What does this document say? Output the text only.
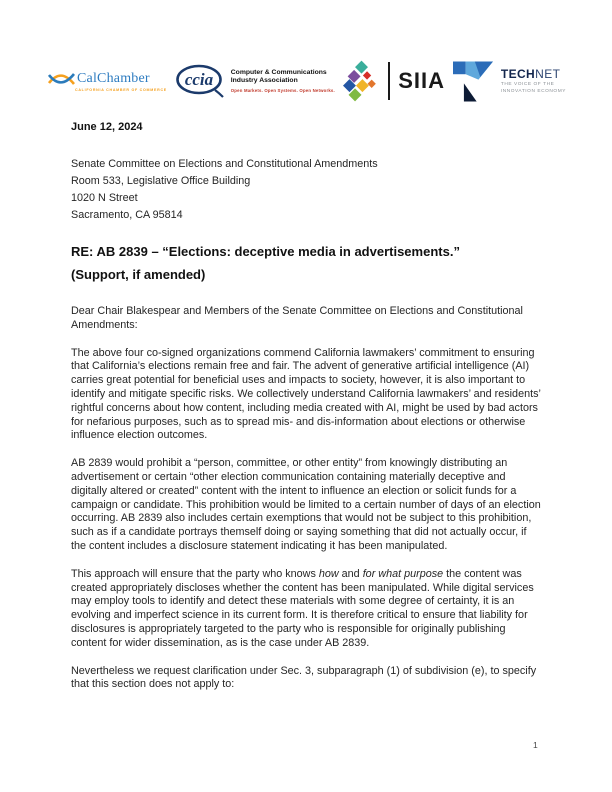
CalChamber
CALIFORNIA CHAMBER OF COMMERCE
ccia	Computer & Communications
Industry Association
Open Markets. Open Systems. Open Networks.	SIIA	TECHNET
THE VOICE OF THE
INNOVATION ECONOMY
June 12, 2024
Senate Committee on Elections and Constitutional Amendments
Room 533, Legislative Office Building
1020 N Street
Sacramento, CA 95814
RE: AB 2839 – “Elections: deceptive media in advertisements.”
(Support, if amended)
Dear Chair Blakespear and Members of the Senate Committee on Elections and Constitutional Amendments:

The above four co-signed organizations commend California lawmakers’ commitment to ensuring that California’s elections remain free and fair. The advent of generative artificial intelligence (AI) carries great potential for beneficial uses and impacts to society, however, it is also important to identify and mitigate specific risks. We collectively understand California lawmakers’ and residents’ rightful concerns about how content, including media created with AI, might be used by bad actors for nefarious purposes, such as to spread mis- and dis-information about elections or otherwise influence election outcomes.

AB 2839 would prohibit a “person, committee, or other entity” from knowingly distributing an advertisement or certain “other election communication containing materially deceptive and digitally altered or created” content with the intent to influence an election or solicit funds for a campaign or candidate. This prohibition would be limited to a certain number of days of an election occurring. AB 2839 also includes certain exemptions that would not be subject to this prohibition, such as if a candidate portrays themself doing or saying something that did not actually occur, if the content includes a disclosure statement indicating it has been manipulated.

This approach will ensure that the party who knows how and for what purpose the content was created appropriately discloses whether the content has been manipulated. While digital services may employ tools to identify and detect these materials with some degree of certainty, it is an evolving and imperfect science in its current form. It is therefore critical to ensure that liability for disclosures is appropriately targeted to the party who is responsible for originally publishing content for wider dissemination, as is the case under AB 2839.

Nevertheless we request clarification under Sec. 3, subparagraph (1) of subdivision (e), to specify that this section does not apply to:

1
